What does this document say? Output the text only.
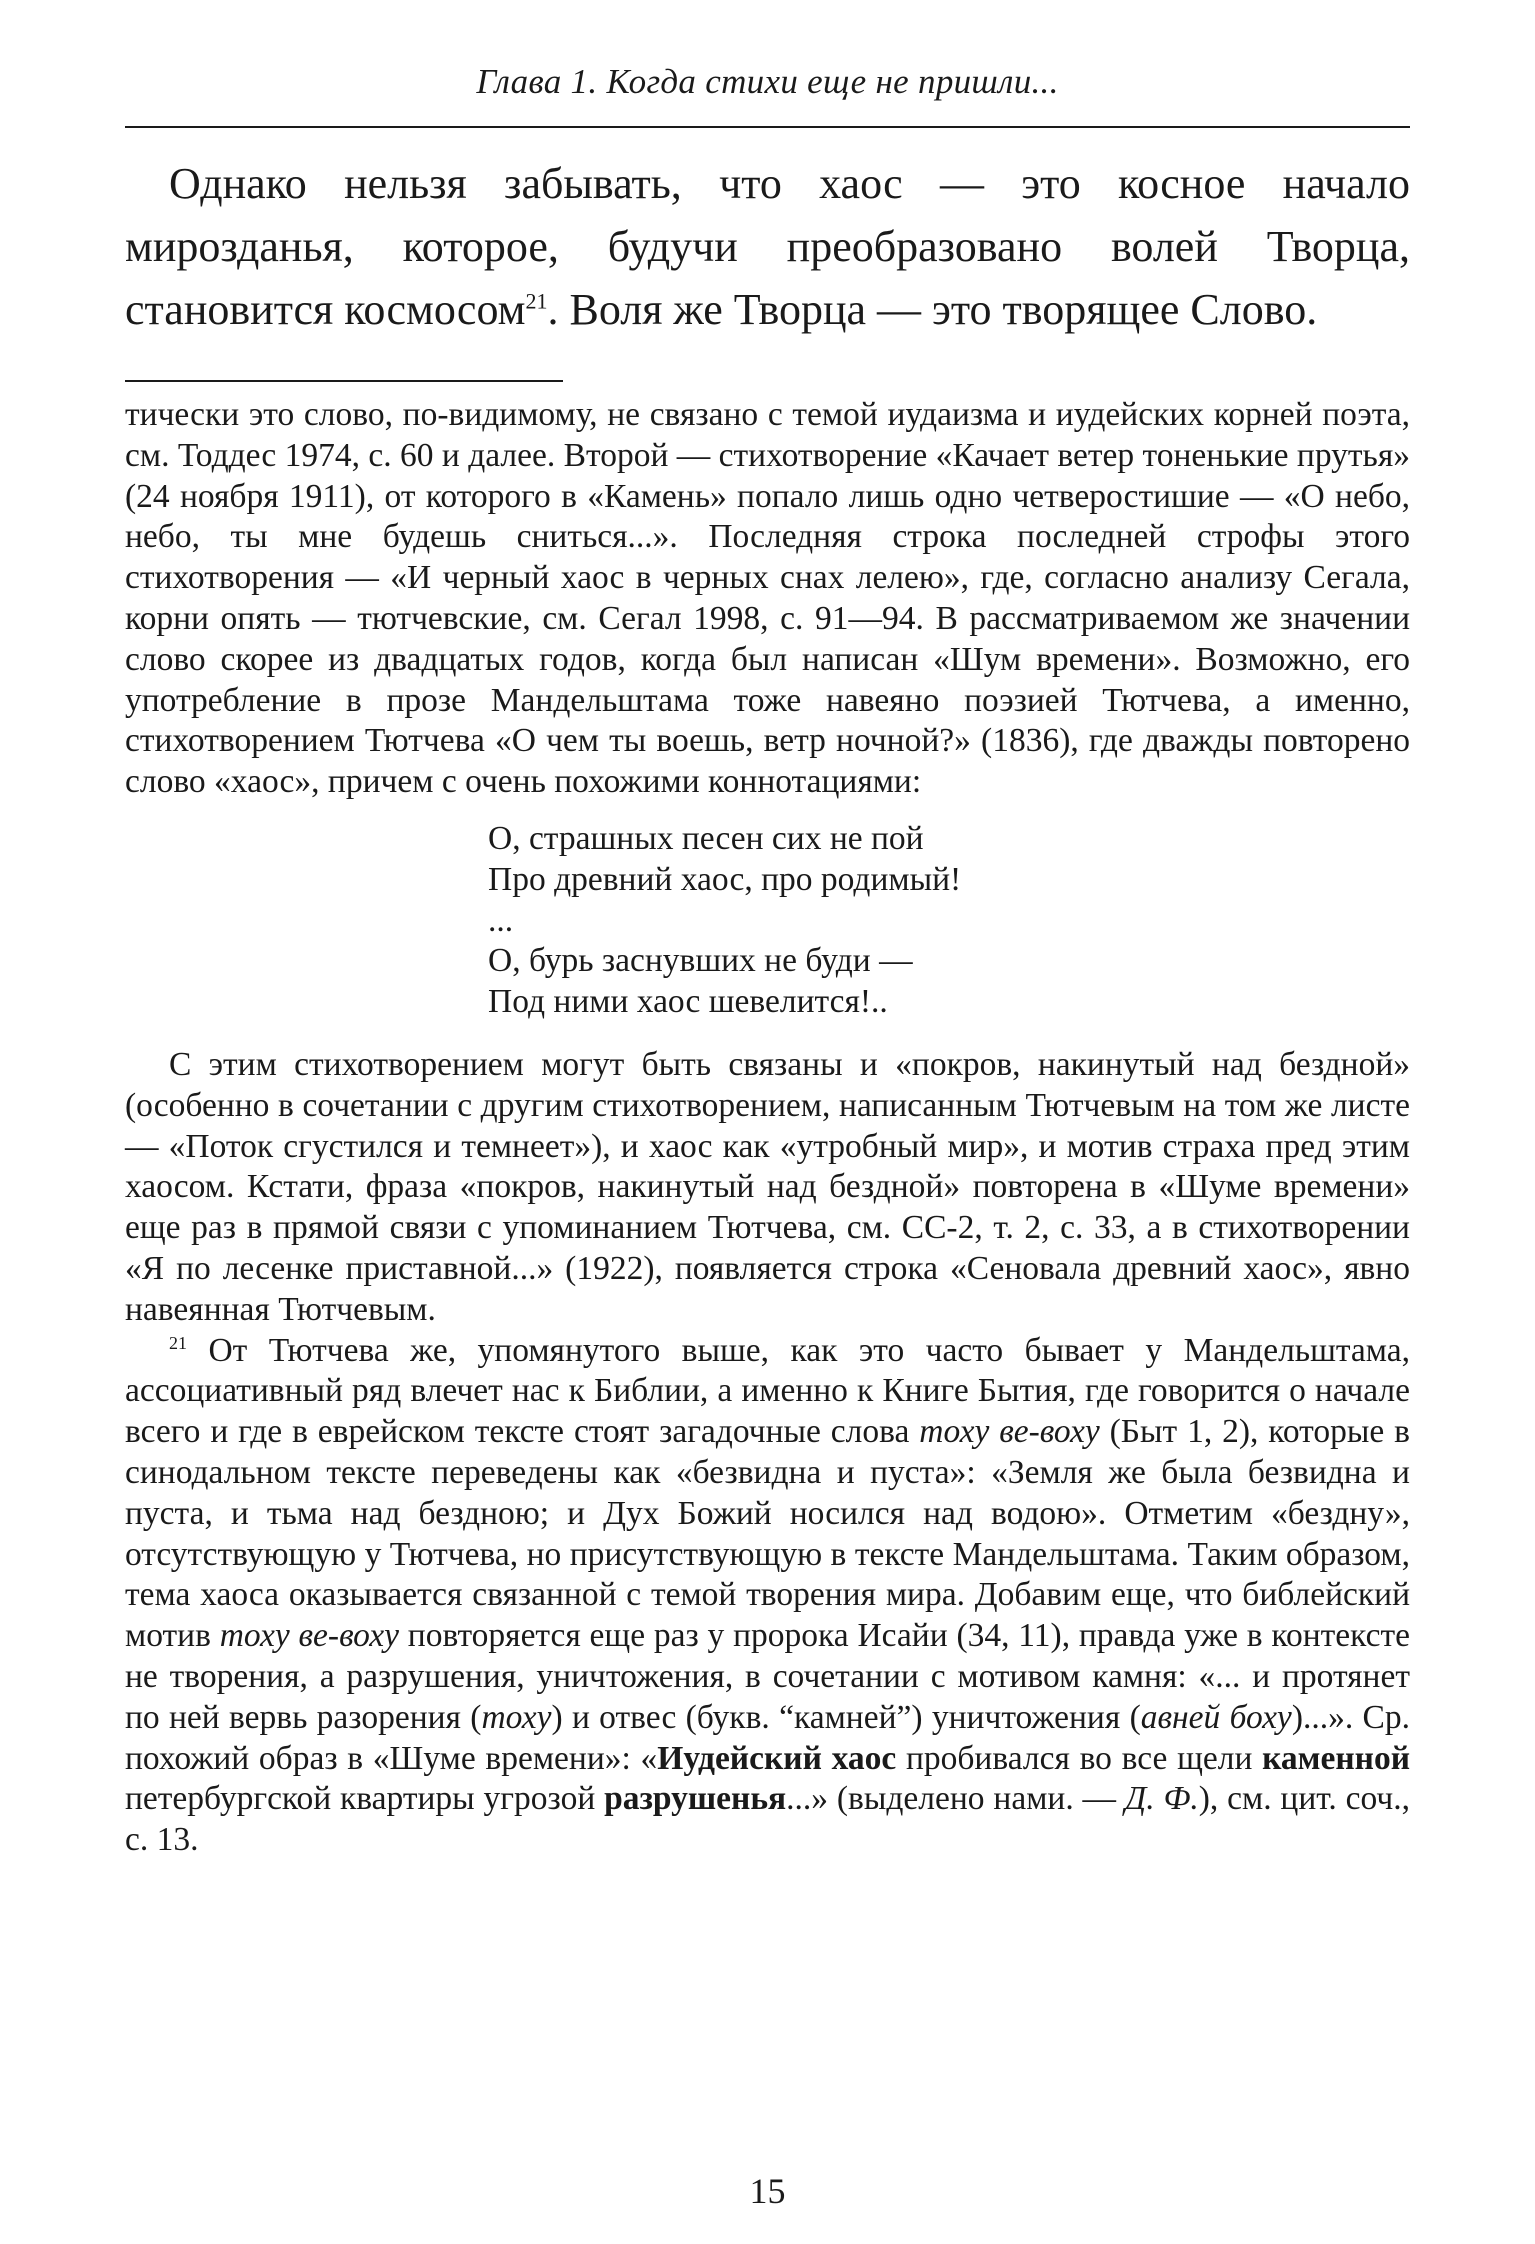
Глава 1. Когда стихи еще не пришли...

Однако нельзя забывать, что хаос — это косное начало мирозданья, которое, будучи преобразовано волей Творца, становится космосом$^{21}$. Воля же Творца — это творящее Слово.

тически это слово, по-видимому, не связано с темой иудаизма и иудейских корней поэта, см. Тоддес 1974, с. 60 и далее. Второй — стихотворение «Качает ветер тоненькие прутья» (24 ноября 1911), от которого в «Камень» попало лишь одно четверостишие — «О небо, небо, ты мне будешь сниться...». Последняя строка последней строфы этого стихотворения — «И черный хаос в черных снах лелею», где, согласно анализу Сегала, корни опять — тютчевские, см. Сегал 1998, с. 91—94. В рассматриваемом же значении слово скорее из двадцатых годов, когда был написан «Шум времени». Возможно, его употребление в прозе Мандельштама тоже навеяно поэзией Тютчева, а именно, стихотворением Тютчева «О чем ты воешь, ветр ночной?» (1836), где дважды повторено слово «хаос», причем с очень похожими коннотациями:

О, страшных песен сих не пой

Про древний хаос, про родимый!

...

О, бурь заснувших не буди —

Под ними хаос шевелится!..

С этим стихотворением могут быть связаны и «покров, накинутый над бездной» (особенно в сочетании с другим стихотворением, написанным Тютчевым на том же листе — «Поток сгустился и темнеет»), и хаос как «утробный мир», и мотив страха пред этим хаосом. Кстати, фраза «покров, накинутый над бездной» повторена в «Шуме времени» еще раз в прямой связи с упоминанием Тютчева, см. СС-2, т. 2, с. 33, а в стихотворении «Я по лесенке приставной...» (1922), появляется строка «Сеновала древний хаос», явно навеянная Тютчевым.

$^{21}$ От Тютчева же, упомянутого выше, как это часто бывает у Мандельштама, ассоциативный ряд влечет нас к Библии, а именно к Книге Бытия, где говорится о начале всего и где в еврейском тексте стоят загадочные слова тоху ве-воху (Быт 1, 2), которые в синодальном тексте переведены как «безвидна и пуста»: «Земля же была безвидна и пуста, и тьма над бездною; и Дух Божий носился над водою». Отметим «бездну», отсутствующую у Тютчева, но присутствующую в тексте Мандельштама. Таким образом, тема хаоса оказывается связанной с темой творения мира. Добавим еще, что библейский мотив тоху ве-воху повторяется еще раз у пророка Исайи (34, 11), правда уже в контексте не творения, а разрушения, уничтожения, в сочетании с мотивом камня: «... и протянет по ней вервь разорения (тоху) и отвес (букв. “камней”) уничтожения (авней боху)...». Ср. похожий образ в «Шуме времени»: «Иудейский хаос пробивался во все щели каменной петербургской квартиры угрозой разрушенья...» (выделено нами. — Д. Ф.), см. цит. соч., с. 13.

15
